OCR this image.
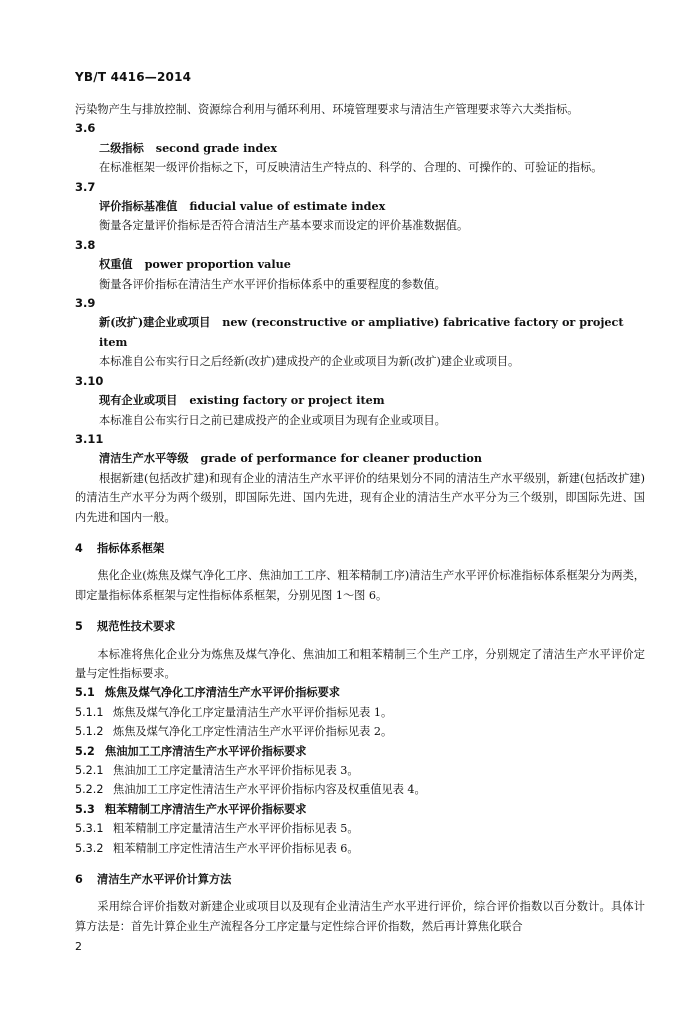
YB/T 4416—2014
污染物产生与排放控制、资源综合利用与循环利用、环境管理要求与清洁生产管理要求等六大类指标。
3.6
二级指标 second grade index
在标准框架一级评价指标之下，可反映清洁生产特点的、科学的、合理的、可操作的、可验证的指标。
3.7
评价指标基准值 fiducial value of estimate index
衡量各定量评价指标是否符合清洁生产基本要求而设定的评价基准数据值。
3.8
权重值 power proportion value
衡量各评价指标在清洁生产水平评价指标体系中的重要程度的参数值。
3.9
新(改扩)建企业或项目 new (reconstructive or ampliative) fabricative factory or project item
本标准自公布实行日之后经新(改扩)建成投产的企业或项目为新(改扩)建企业或项目。
3.10
现有企业或项目 existing factory or project item
本标准自公布实行日之前已建成投产的企业或项目为现有企业或项目。
3.11
清洁生产水平等级 grade of performance for cleaner production
根据新建(包括改扩建)和现有企业的清洁生产水平评价的结果划分不同的清洁生产水平级别，新建(包括改扩建)的清洁生产水平分为两个级别，即国际先进、国内先进，现有企业的清洁生产水平分为三个级别，即国际先进、国内先进和国内一般。
4 指标体系框架
焦化企业(炼焦及煤气净化工序、焦油加工工序、粗苯精制工序)清洁生产水平评价标准指标体系框架分为两类，即定量指标体系框架与定性指标体系框架，分别见图 1～图 6。
5 规范性技术要求
本标准将焦化企业分为炼焦及煤气净化、焦油加工和粗苯精制三个生产工序，分别规定了清洁生产水平评价定量与定性指标要求。
5.1 炼焦及煤气净化工序清洁生产水平评价指标要求
5.1.1 炼焦及煤气净化工序定量清洁生产水平评价指标见表 1。
5.1.2 炼焦及煤气净化工序定性清洁生产水平评价指标见表 2。
5.2 焦油加工工序清洁生产水平评价指标要求
5.2.1 焦油加工工序定量清洁生产水平评价指标见表 3。
5.2.2 焦油加工工序定性清洁生产水平评价指标内容及权重值见表 4。
5.3 粗苯精制工序清洁生产水平评价指标要求
5.3.1 粗苯精制工序定量清洁生产水平评价指标见表 5。
5.3.2 粗苯精制工序定性清洁生产水平评价指标见表 6。
6 清洁生产水平评价计算方法
采用综合评价指数对新建企业或项目以及现有企业清洁生产水平进行评价，综合评价指数以百分数计。具体计算方法是：首先计算企业生产流程各分工序定量与定性综合评价指数，然后再计算焦化联合
2
